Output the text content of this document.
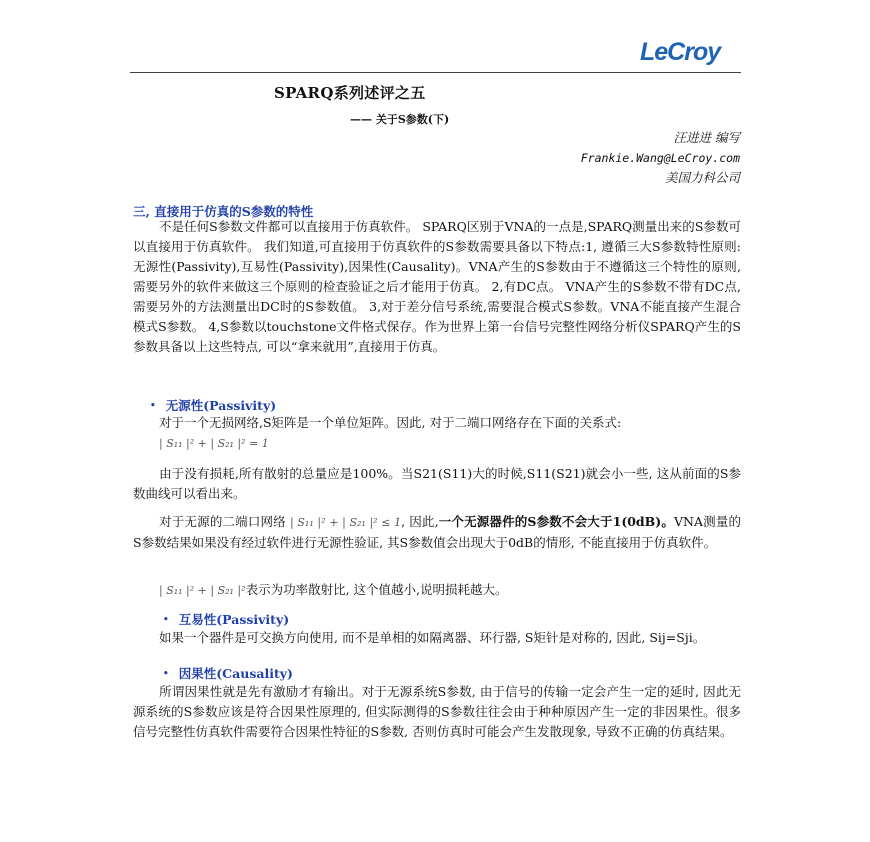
LeCroy
SPARQ系列述评之五
—— 关于S参数(下)
汪进进 编写
Frankie.Wang@LeCroy.com
美国力科公司
三, 直接用于仿真的S参数的特性
不是任何S参数文件都可以直接用于仿真软件。 SPARQ区别于VNA的一点是,SPARQ测量出来的S参数可以直接用于仿真软件。 我们知道,可直接用于仿真软件的S参数需要具备以下特点:1, 遵循三大S参数特性原则:无源性(Passivity),互易性(Passivity),因果性(Causality)。VNA产生的S参数由于不遵循这三个特性的原则,需要另外的软件来做这三个原则的检查验证之后才能用于仿真。 2,有DC点。 VNA产生的S参数不带有DC点,需要另外的方法测量出DC时的S参数值。 3,对于差分信号系统,需要混合模式S参数。VNA不能直接产生混合模式S参数。 4,S参数以touchstone文件格式保存。作为世界上第一台信号完整性网络分析仪SPARQ产生的S参数具备以上这些特点, 可以“拿来就用”,直接用于仿真。
• 无源性(Passivity)
对于一个无损网络,S矩阵是一个单位矩阵。因此, 对于二端口网络存在下面的关系式:
| S₁₁ |² + | S₂₁ |² = 1
由于没有损耗,所有散射的总量应是100%。当S21(S11)大的时候,S11(S21)就会小一些, 这从前面的S参数曲线可以看出来。
对于无源的二端口网络 | S₁₁ |² + | S₂₁ |² ≤ 1, 因此,一个无源器件的S参数不会大于1(0dB)。VNA测量的S参数结果如果没有经过软件进行无源性验证, 其S参数值会出现大于0dB的情形, 不能直接用于仿真软件。
| S₁₁ |² + | S₂₁ |²表示为功率散射比, 这个值越小,说明损耗越大。
• 互易性(Passivity)
如果一个器件是可交换方向使用, 而不是单相的如隔离器、环行器, S矩针是对称的, 因此, Sij=Sji。
• 因果性(Causality)
所谓因果性就是先有激励才有输出。对于无源系统S参数, 由于信号的传输一定会产生一定的延时, 因此无源系统的S参数应该是符合因果性原理的, 但实际测得的S参数往往会由于种种原因产生一定的非因果性。很多信号完整性仿真软件需要符合因果性特征的S参数, 否则仿真时可能会产生发散现象, 导致不正确的仿真结果。
